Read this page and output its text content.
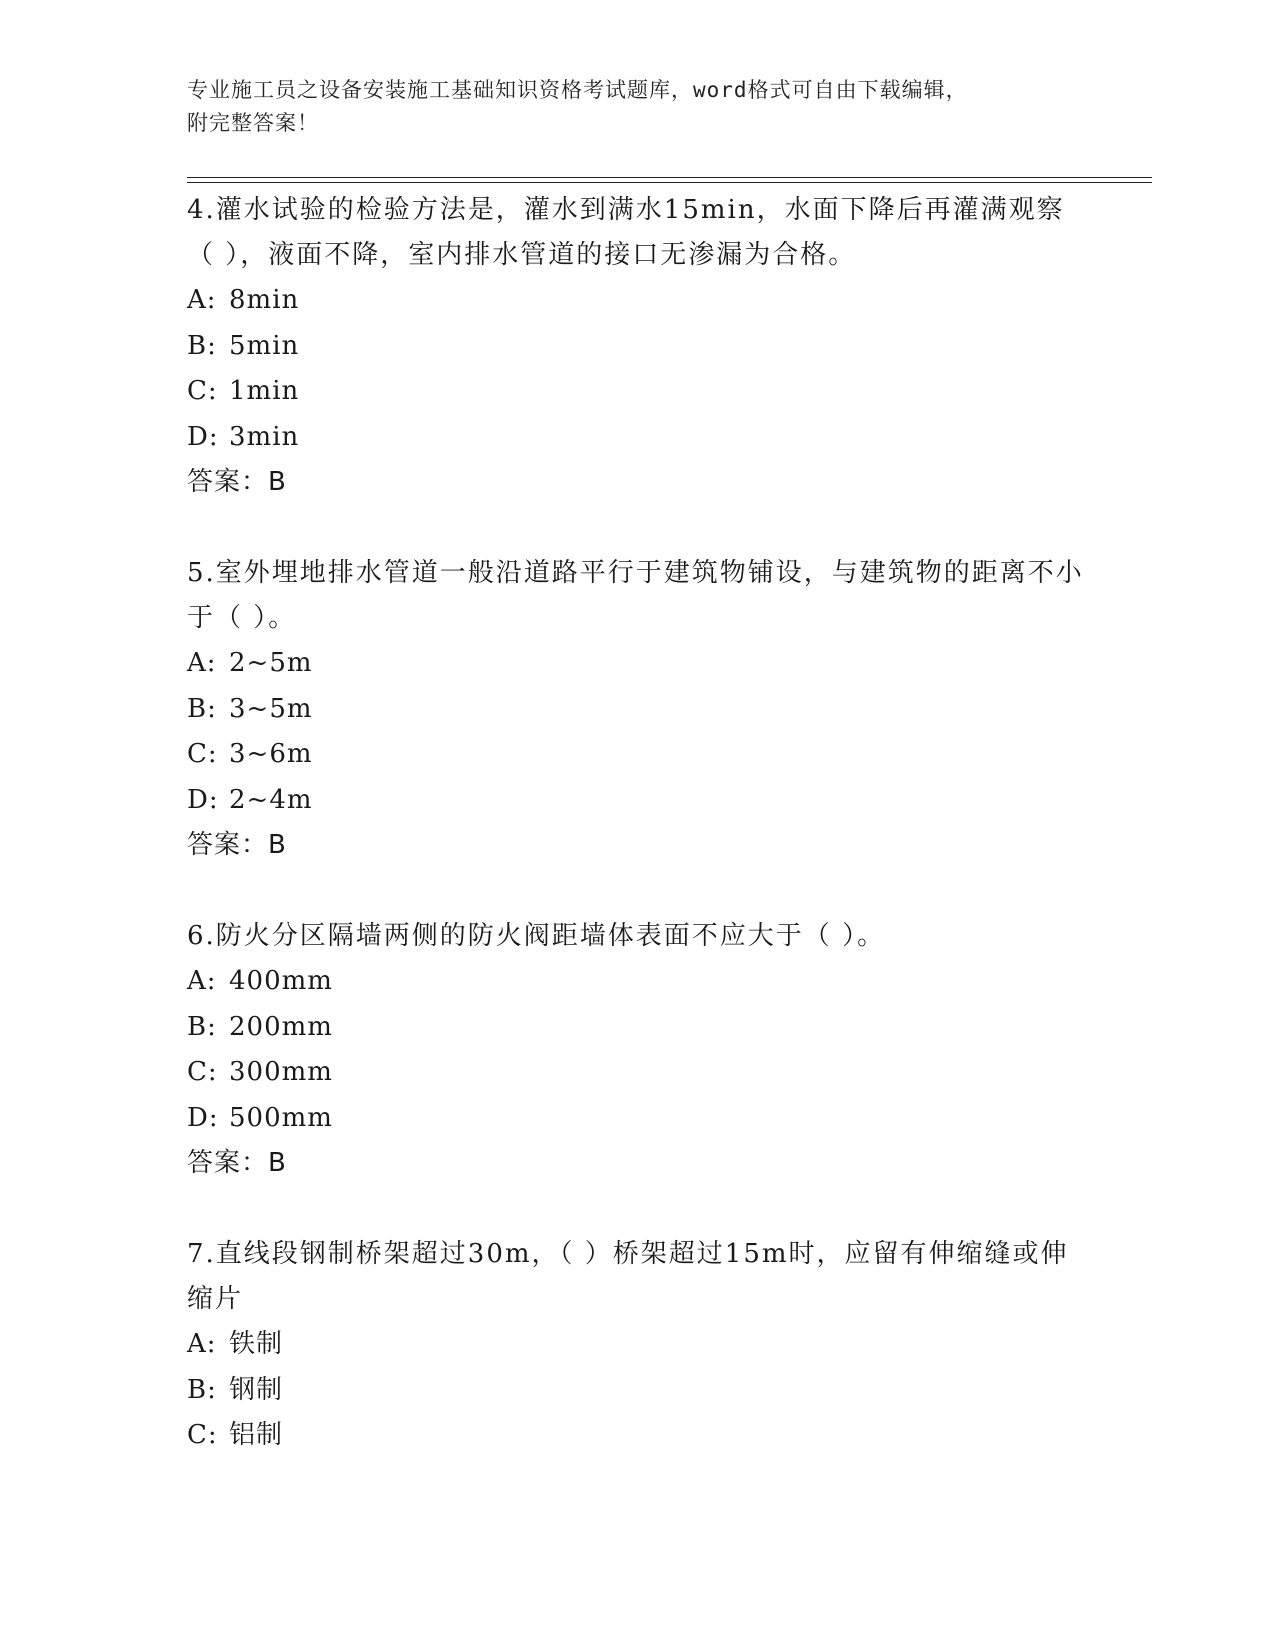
专业施工员之设备安装施工基础知识资格考试题库，word格式可自由下载编辑，
附完整答案！

4.灌水试验的检验方法是，灌水到满水15min，水面下降后再灌满观察（ ），液面不降，室内排水管道的接口无渗漏为合格。

A: 8min

B: 5min

C: 1min

D: 3min

答案：B

5.室外埋地排水管道一般沿道路平行于建筑物铺设，与建筑物的距离不小于（ ）。

A: 2~5m

B: 3~5m

C: 3~6m

D: 2~4m

答案：B

6.防火分区隔墙两侧的防火阀距墙体表面不应大于（ ）。

A: 400mm

B: 200mm

C: 300mm

D: 500mm

答案：B

7.直线段钢制桥架超过30m，（ ）桥架超过15m时，应留有伸缩缝或伸缩片

A: 铁制

B: 钢制

C: 铝制
